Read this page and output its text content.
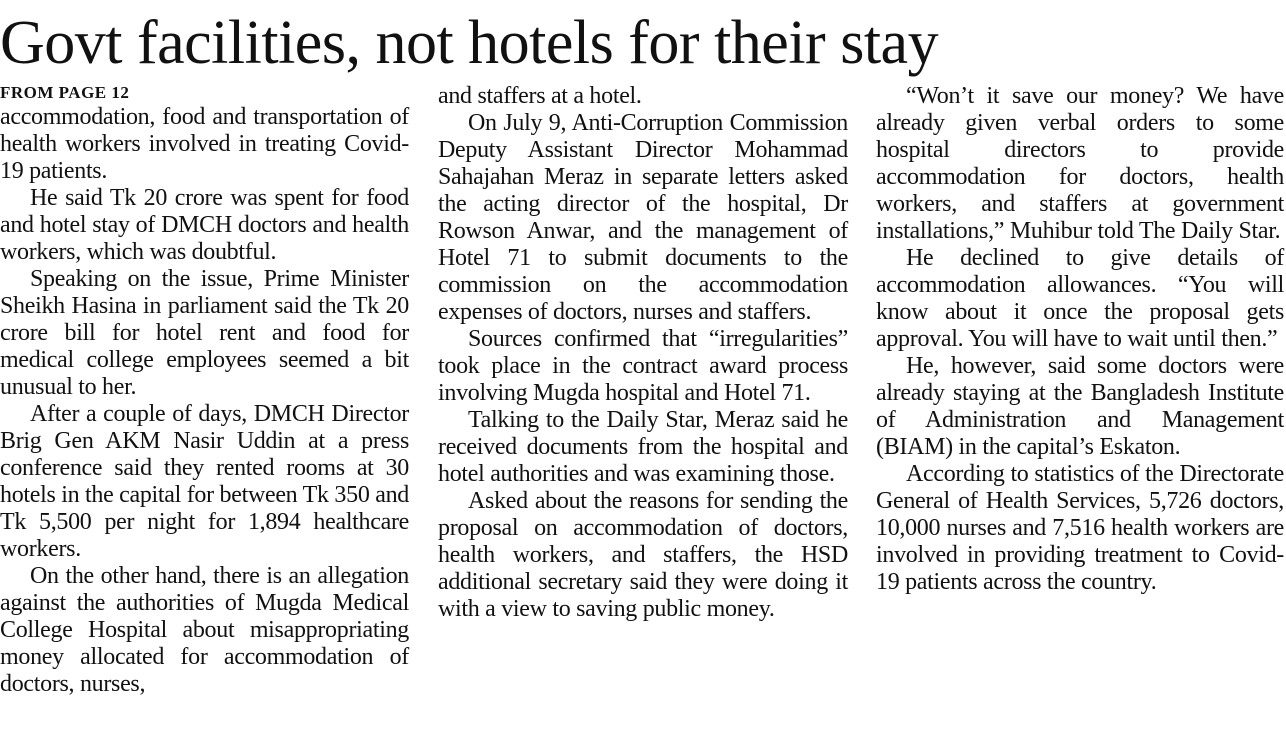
Govt facilities, not hotels for their stay
FROM PAGE 12

accommodation, food and transportation of health workers involved in treating Covid-19 patients.

He said Tk 20 crore was spent for food and hotel stay of DMCH doctors and health workers, which was doubtful.

Speaking on the issue, Prime Minister Sheikh Hasina in parliament said the Tk 20 crore bill for hotel rent and food for medical college employees seemed a bit unusual to her.

After a couple of days, DMCH Director Brig Gen AKM Nasir Uddin at a press conference said they rented rooms at 30 hotels in the capital for between Tk 350 and Tk 5,500 per night for 1,894 healthcare workers.

On the other hand, there is an allegation against the authorities of Mugda Medical College Hospital about misappropriating money allocated for accommodation of doctors, nurses,

and staffers at a hotel.

On July 9, Anti-Corruption Commission Deputy Assistant Director Mohammad Sahajahan Meraz in separate letters asked the acting director of the hospital, Dr Rowson Anwar, and the management of Hotel 71 to submit documents to the commission on the accommodation expenses of doctors, nurses and staffers.

Sources confirmed that “irregularities” took place in the contract award process involving Mugda hospital and Hotel 71.

Talking to the Daily Star, Meraz said he received documents from the hospital and hotel authorities and was examining those.

Asked about the reasons for sending the proposal on accommodation of doctors, health workers, and staffers, the HSD additional secretary said they were doing it with a view to saving public money.

“Won’t it save our money? We have already given verbal orders to some hospital directors to provide accommodation for doctors, health workers, and staffers at government installations,” Muhibur told The Daily Star.

He declined to give details of accommodation allowances. “You will know about it once the proposal gets approval. You will have to wait until then.”

He, however, said some doctors were already staying at the Bangladesh Institute of Administration and Management (BIAM) in the capital’s Eskaton.

According to statistics of the Directorate General of Health Services, 5,726 doctors, 10,000 nurses and 7,516 health workers are involved in providing treatment to Covid-19 patients across the country.
